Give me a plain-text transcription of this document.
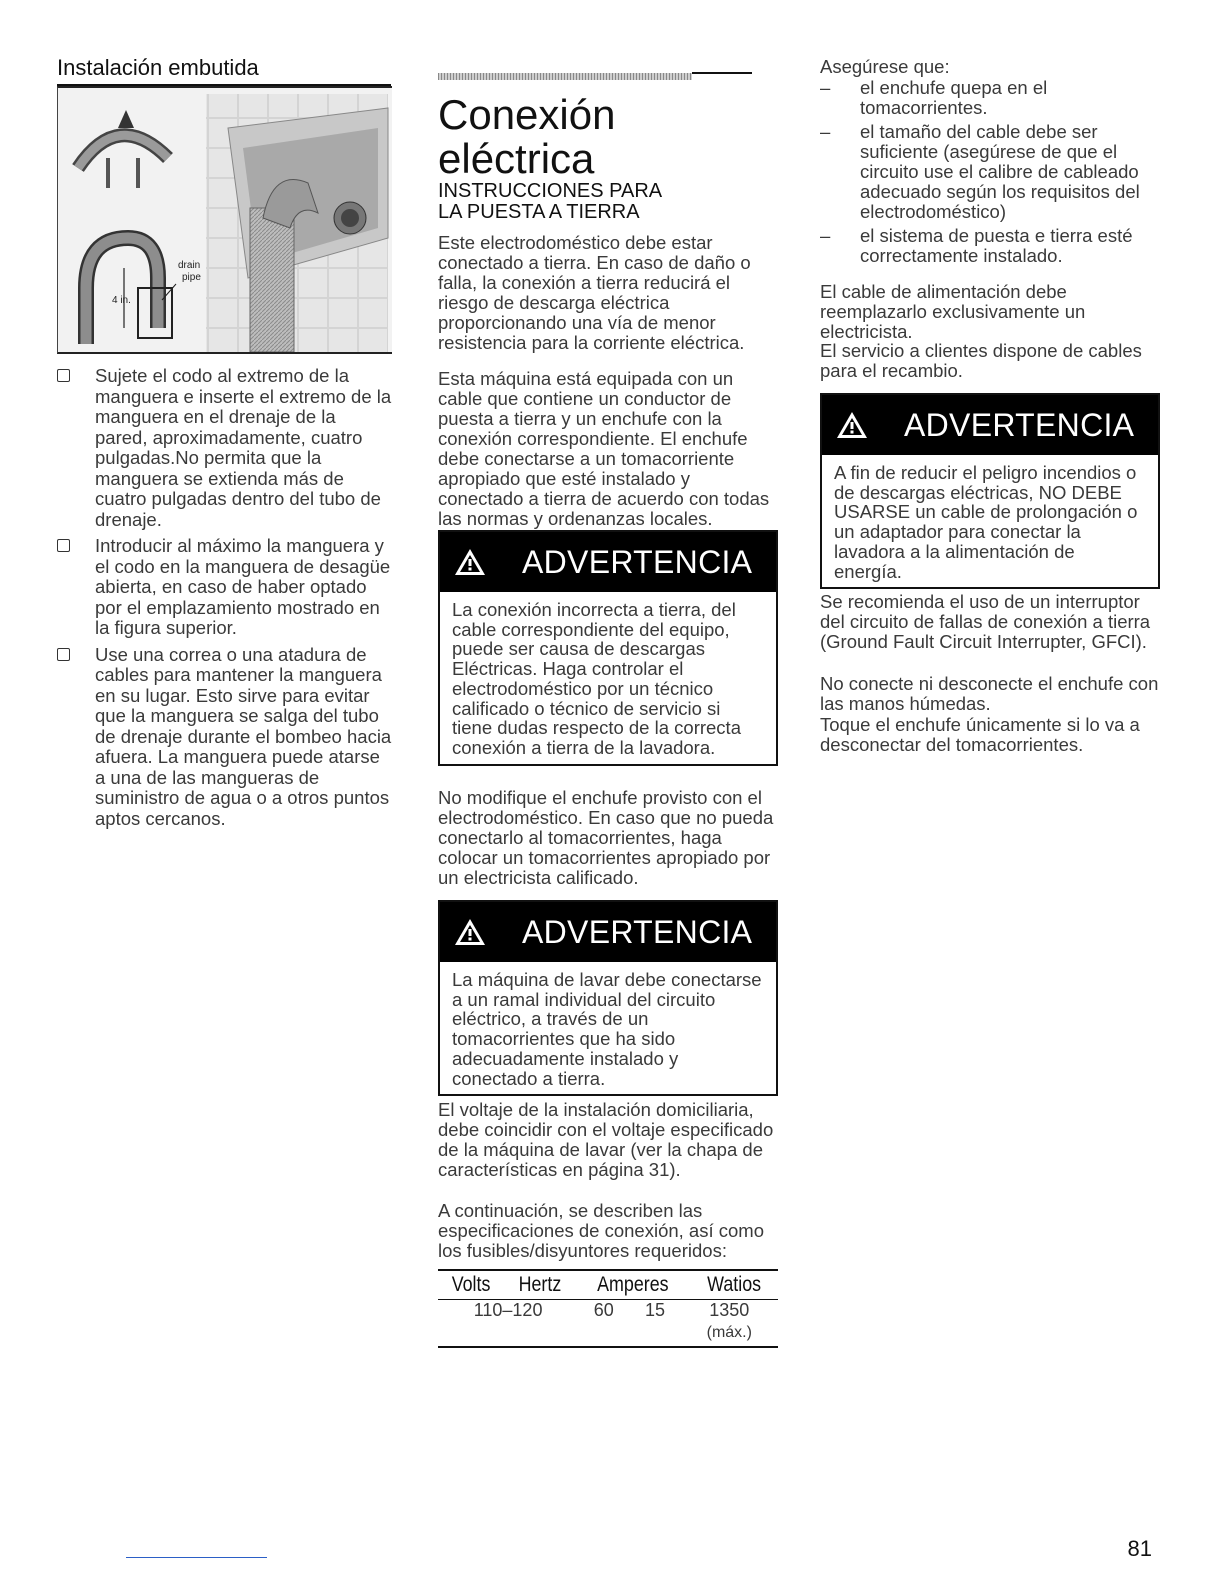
Instalación embutida
4 in.
drain
pipe
Sujete el codo al extremo de la manguera e inserte el extremo de la manguera en el drenaje de la pared, aproximadamente, cuatro pulgadas.No permita que la manguera se extienda más de cuatro pulgadas dentro del tubo de drenaje.
Introducir al máximo la manguera y el codo en la manguera de desagüe abierta, en caso de haber optado por el emplazamiento mostrado en la figura superior.
Use una correa o una atadura de cables para mantener la manguera en su lugar. Esto sirve para evitar que la manguera se salga del tubo de drenaje durante el bombeo hacia afuera. La manguera puede atarse a una de las mangueras de suministro de agua o a otros puntos aptos cercanos.
Conexión
eléctrica
INSTRUCCIONES PARA
LA PUESTA A TIERRA

Este electrodoméstico debe estar conectado a tierra. En caso de daño o falla, la conexión a tierra reducirá el riesgo de descarga eléctrica proporcionando una vía de menor resistencia para la corriente eléctrica.

Esta máquina está equipada con un cable que contiene un conductor de puesta a tierra y un enchufe con la conexión correspondiente. El enchufe debe conectarse a un tomacorriente apropiado que esté instalado y conectado a tierra de acuerdo con todas las normas y ordenanzas locales.

ADVERTENCIA
La conexión incorrecta a tierra, del cable correspondiente del equipo, puede ser causa de descargas Eléctricas. Haga controlar el electrodoméstico por un técnico calificado o técnico de servicio si tiene dudas respecto de la correcta conexión a tierra de la lavadora.

No modifique el enchufe provisto con el electrodoméstico. En caso que no pueda conectarlo al tomacorrientes, haga colocar un tomacorrientes apropiado por un electricista calificado.

ADVERTENCIA
La máquina de lavar debe conectarse a un ramal individual del circuito eléctrico, a través de un tomacorrientes que ha sido adecuadamente instalado y conectado a tierra.

El voltaje de la instalación domiciliaria, debe coincidir con el voltaje especificado de la máquina de lavar (ver la chapa de características en página 31).

A continuación, se describen las especificaciones de conexión, así como los fusibles/disyuntores requeridos:

Volts	Hertz	Amperes	Watios
110–120	60	15	1350
(máx.)

Asegúrese que:

– el enchufe quepa en el tomacorrientes.
– el tamaño del cable debe ser suficiente (asegúrese de que el circuito use el calibre de cableado adecuado según los requisitos del electrodoméstico)
– el sistema de puesta e tierra esté correctamente instalado.

El cable de alimentación debe reemplazarlo exclusivamente un electricista.

El servicio a clientes dispone de cables para el recambio.

ADVERTENCIA
A fin de reducir el peligro incendios o de descargas eléctricas, NO DEBE USARSE un cable de prolongación o un adaptador para conectar la lavadora a la alimentación de energía.

Se recomienda el uso de un interruptor del circuito de fallas de conexión a tierra (Ground Fault Circuit Interrupter, GFCI).

No conecte ni desconecte el enchufe con las manos húmedas.

Toque el enchufe únicamente si lo va a desconectar del tomacorrientes.

81
